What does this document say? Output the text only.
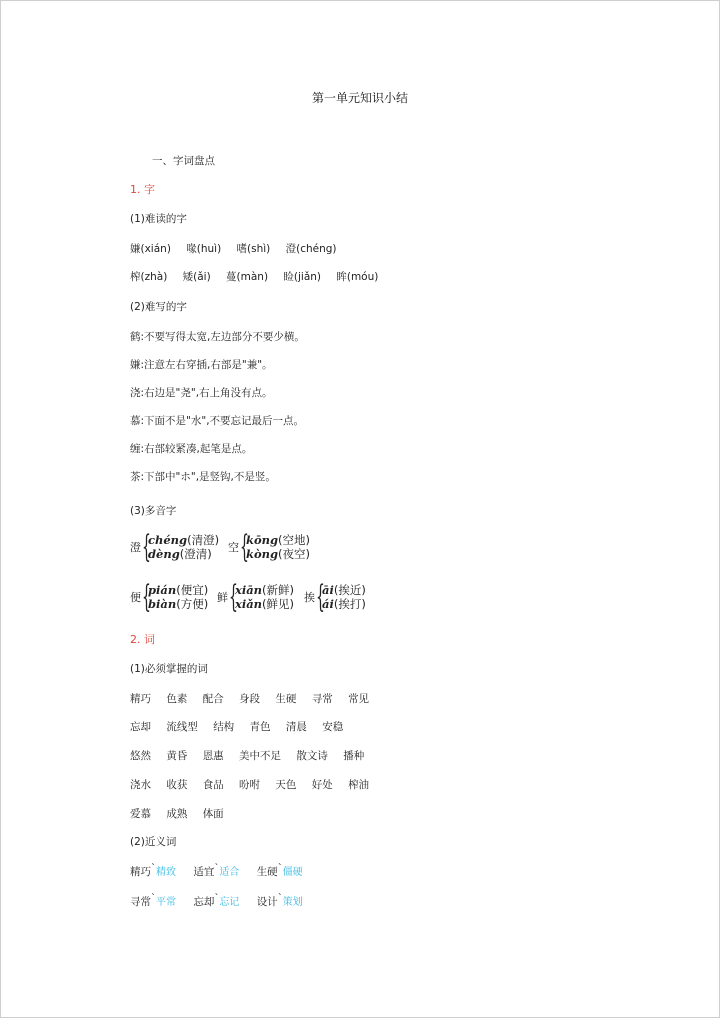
第一单元知识小结
一、字词盘点
1. 字
(1)难读的字
嫌(xián) 喙(huì) 嗜(shì) 澄(chéng)
榨(zhà) 矮(ǎi) 蔓(màn) 睑(jiǎn) 眸(móu)
(2)难写的字
鹤:不要写得太宽,左边部分不要少横。
嫌:注意左右穿插,右部是"兼"。
浇:右边是"尧",右上角没有点。
慕:下面不是"水",不要忘记最后一点。
缠:右部较紧凑,起笔是点。
茶:下部中"ホ",是竖钩,不是竖。
(3)多音字
澄 {
chéng(清澄)
dèng(澄清)	空 {
kōng(空地)
kòng(夜空)
便 {
pián(便宜)
biàn(方便) 鲜 {
xiān(新鲜)
xiǎn(鲜见) 挨 {
āi(挨近)
ái(挨打)
2. 词
(1)必须掌握的词
精巧 色素 配合 身段 生硬 寻常 常见
忘却 流线型 结构 青色 清晨 安稳
悠然 黄昏 恩惠 美中不足 散文诗 播种
浇水 收获 食品 吩咐 天色 好处 榨油
爱慕 成熟 体面
(2)近义词
精巧ˋ精致 适宜ˋ适合 生硬ˋ僵硬
寻常ˋ平常 忘却ˋ忘记 设计ˋ策划
